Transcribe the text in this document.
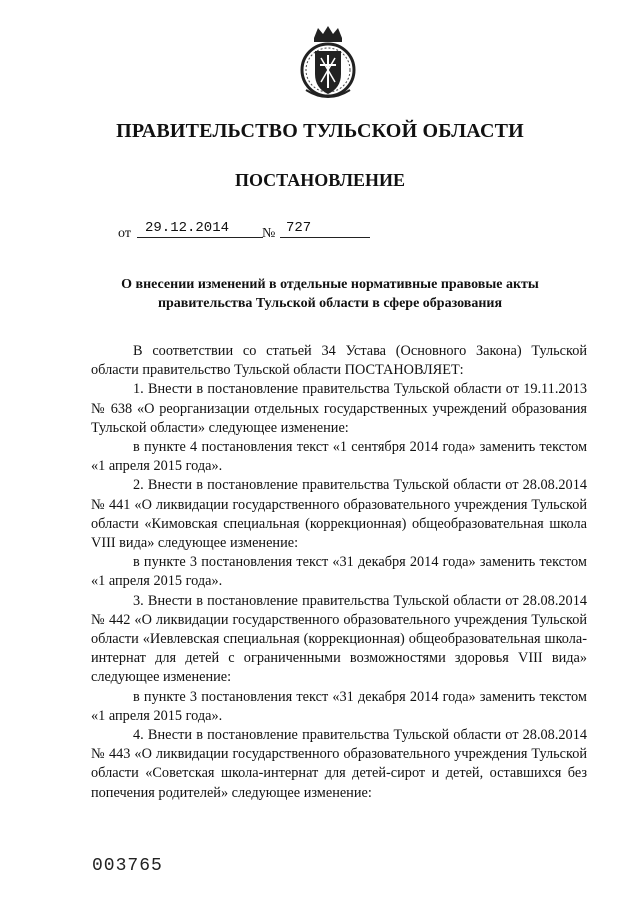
ПРАВИТЕЛЬСТВО ТУЛЬСКОЙ ОБЛАСТИ
ПОСТАНОВЛЕНИЕ
от	29.12.2014	№ 727
О внесении изменений в отдельные нормативные правовые акты правительства Тульской области в сфере образования

В соответствии со статьей 34 Устава (Основного Закона) Тульской области правительство Тульской области ПОСТАНОВЛЯЕТ:

1. Внести в постановление правительства Тульской области от 19.11.2013 № 638 «О реорганизации отдельных государственных учреждений образования Тульской области» следующее изменение:

в пункте 4 постановления текст «1 сентября 2014 года» заменить текстом «1 апреля 2015 года».

2. Внести в постановление правительства Тульской области от 28.08.2014 № 441 «О ликвидации государственного образовательного учреждения Тульской области «Кимовская специальная (коррекционная) общеобразовательная школа VIII вида» следующее изменение:

в пункте 3 постановления текст «31 декабря 2014 года» заменить текстом «1 апреля 2015 года».

3. Внести в постановление правительства Тульской области от 28.08.2014 № 442 «О ликвидации государственного образовательного учреждения Тульской области «Иевлевская специальная (коррекционная) общеобразовательная школа-интернат для детей с ограниченными возможностями здоровья VIII вида» следующее изменение:

в пункте 3 постановления текст «31 декабря 2014 года» заменить текстом «1 апреля 2015 года».

4. Внести в постановление правительства Тульской области от 28.08.2014 № 443 «О ликвидации государственного образовательного учреждения Тульской области «Советская школа-интернат для детей-сирот и детей, оставшихся без попечения родителей» следующее изменение:

003765
